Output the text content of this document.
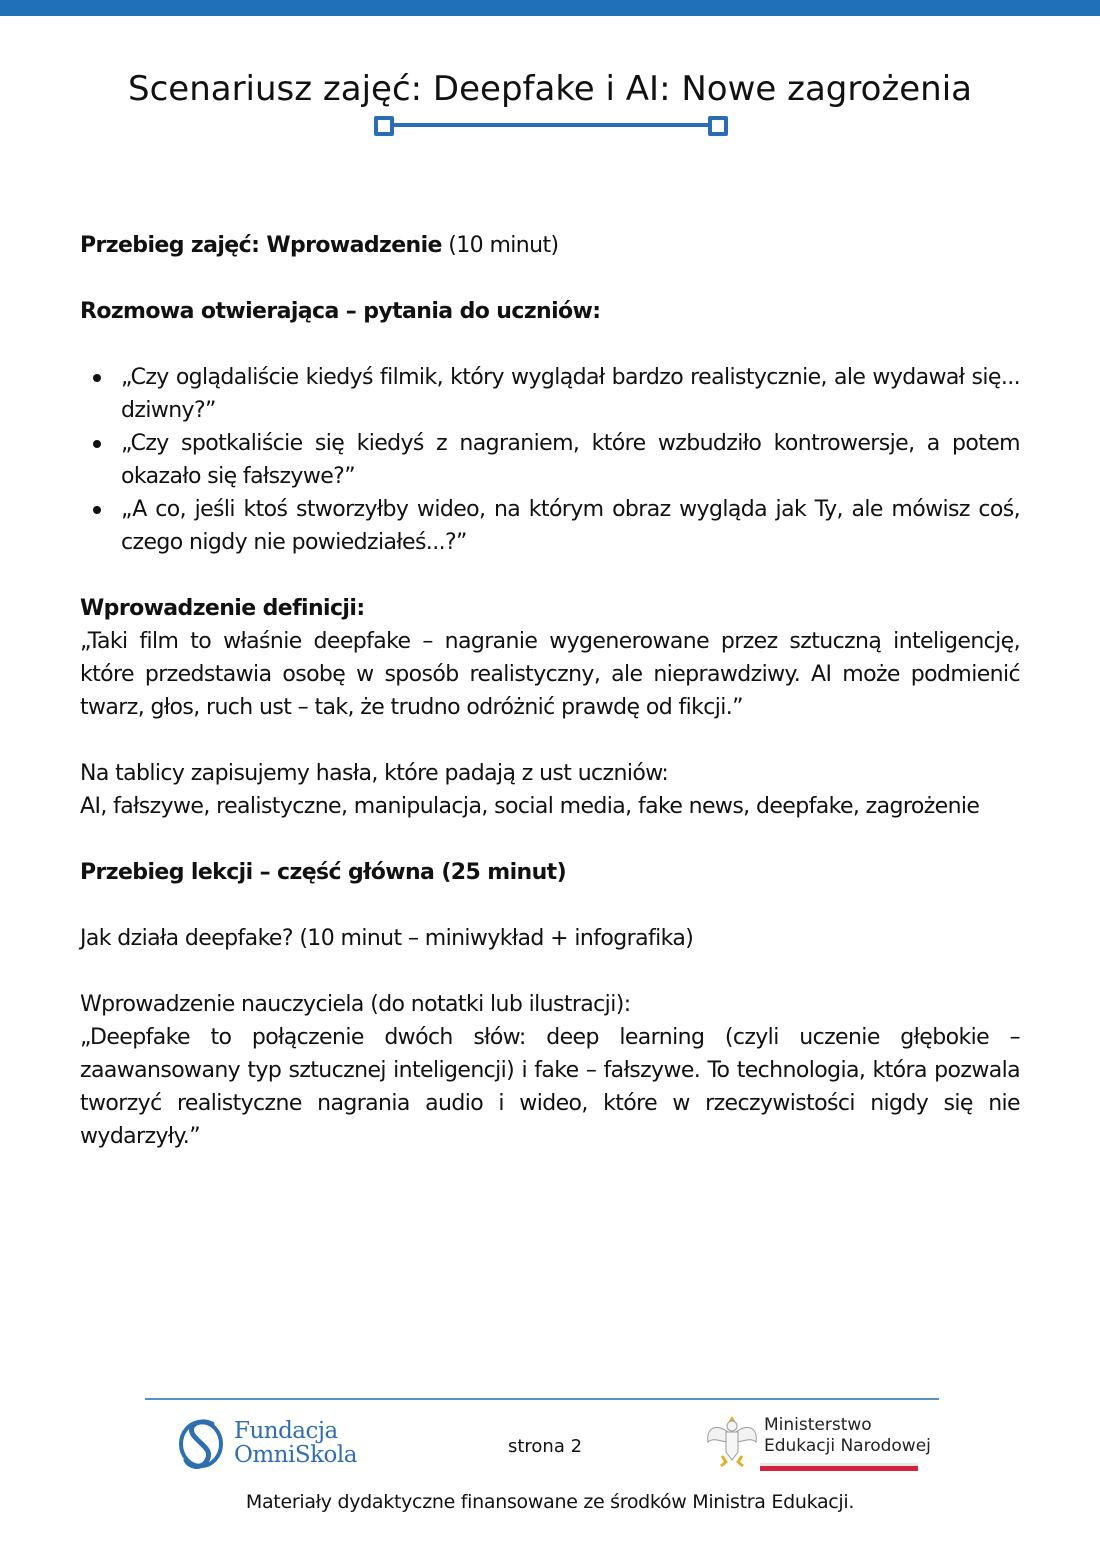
Scenariusz zajęć: Deepfake i AI: Nowe zagrożenia

Przebieg zajęć: Wprowadzenie (10 minut)

Rozmowa otwierająca – pytania do uczniów:

„Czy oglądaliście kiedyś filmik, który wyglądał bardzo realistycznie, ale wydawał się... dziwny?”
„Czy spotkaliście się kiedyś z nagraniem, które wzbudziło kontrowersje, a potem okazało się fałszywe?”
„A co, jeśli ktoś stworzyłby wideo, na którym obraz wygląda jak Ty, ale mówisz coś, czego nigdy nie powiedziałeś...?”

Wprowadzenie definicji:

„Taki film to właśnie deepfake – nagranie wygenerowane przez sztuczną inteligencję, które przedstawia osobę w sposób realistyczny, ale nieprawdziwy. AI może podmienić twarz, głos, ruch ust – tak, że trudno odróżnić prawdę od fikcji.”

Na tablicy zapisujemy hasła, które padają z ust uczniów:

AI, fałszywe, realistyczne, manipulacja, social media, fake news, deepfake, zagrożenie

Przebieg lekcji – część główna (25 minut)

Jak działa deepfake? (10 minut – miniwykład + infografika)

Wprowadzenie nauczyciela (do notatki lub ilustracji):

„Deepfake to połączenie dwóch słów: deep learning (czyli uczenie głębokie – zaawansowany typ sztucznej inteligencji) i fake – fałszywe. To technologia, która pozwala tworzyć realistyczne nagrania audio i wideo, które w rzeczywistości nigdy się nie wydarzyły.”

Fundacja
OmniSkola	strona 2
Ministerstwo
Edukacji Narodowej
Materiały dydaktyczne finansowane ze środków Ministra Edukacji.
